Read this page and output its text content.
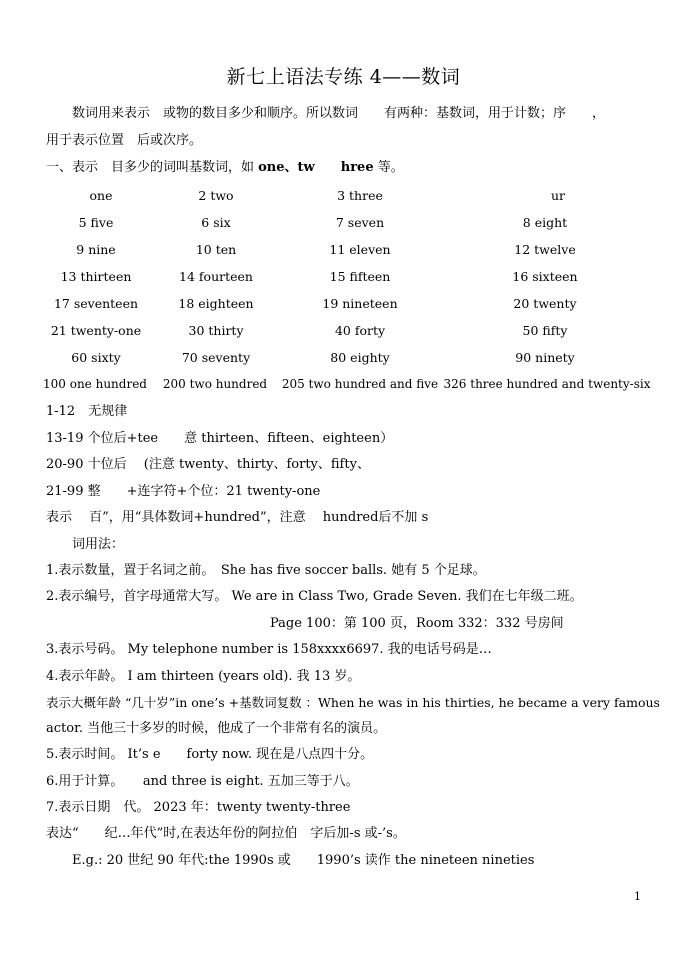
新七上语法专练 4——数词
数词用来表示　或物的数目多少和顺序。所以数词　　有两种：基数词，用于计数；序　　，
用于表示位置　后或次序。
一、表示　目多少的词叫基数词，如 one、tw　　 hree 等。
one	2 two	3 three	ur
5 five	6 six	7 seven	8 eight
9 nine	10 ten	11 eleven	12 twelve
13 thirteen	14 fourteen	15 fifteen	16 sixteen
17 seventeen	18 eighteen	19 nineteen	20 twenty
21 twenty-one	30 thirty	40 forty	50 fifty
60 sixty	70 seventy	80 eighty	90 ninety
100 one hundred 200 two hundred 205 two hundred and five 326 three hundred and twenty-six
1-12　无规律
13-19 个位后+tee　　意 thirteen、fifteen、eighteen）
20-90 十位后　 (注意 twenty、thirty、forty、fifty、
21-99 整　　+连字符+个位：21 twenty-one
表示　 百”，用“具体数词+hundred”，注意　 hundred后不加 s
词用法：
1.表示数量，置于名词之前。　She has five soccer balls. 她有 5 个足球。
2.表示编号，首字母通常大写。 We are in Class Two, Grade Seven. 我们在七年级二班。
Page 100：第 100 页，Room 332：332 号房间
3.表示号码。 My telephone number is 158xxxx6697. 我的电话号码是…
4.表示年龄。 I am thirteen (years old). 我 13 岁。
表示大概年龄 “几十岁”in one’s +基数词复数 ：When he was in his thirties, he became a very famous
actor. 当他三十多岁的时候，他成了一个非常有名的演员。
5.表示时间。 It’s e　　forty now. 现在是八点四十分。
6.用于计算。　　and three is eight. 五加三等于八。
7.表示日期　代。 2023 年：twenty twenty-three
表达“　　纪…年代”时,在表达年份的阿拉伯　字后加-s 或-’s。
E.g.: 20 世纪 90 年代:the 1990s 或　　1990’s 读作 the nineteen nineties
1
